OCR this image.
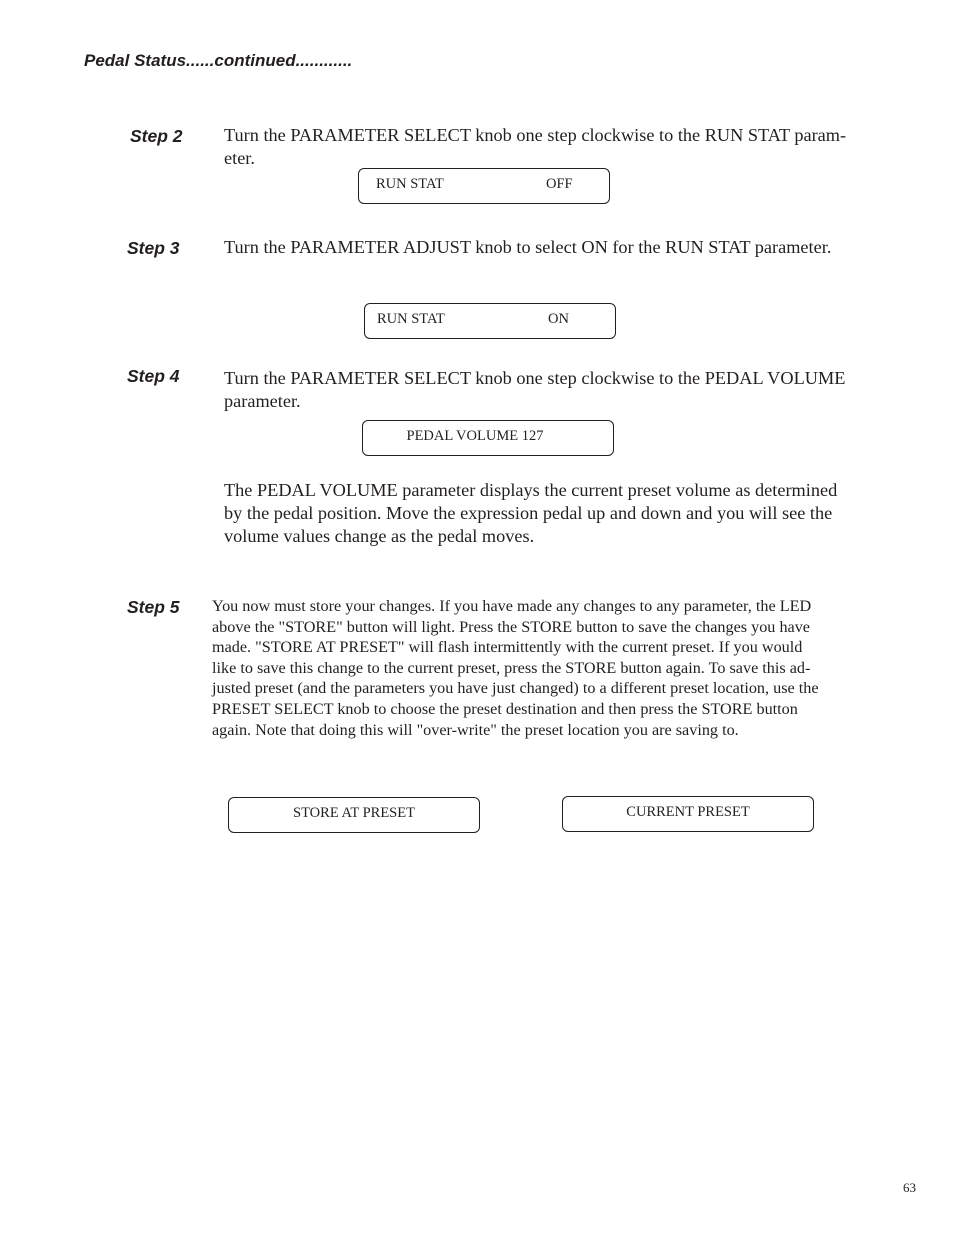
Pedal Status......continued............
Step 2 Turn the PARAMETER SELECT knob one step clockwise to the RUN STAT param-
eter.

RUN STAT	OFF
Step 3 Turn the PARAMETER ADJUST knob to select ON for the RUN STAT parameter.

RUN STAT	ON
Step 4 Turn the PARAMETER SELECT knob one step clockwise to the PEDAL VOLUME
parameter.

PEDAL VOLUME 127

The PEDAL VOLUME parameter displays the current preset volume as determined
by the pedal position. Move the expression pedal up and down and you will see the
volume values change as the pedal moves.

Step 5 You now must store your changes. If you have made any changes to any parameter, the LED
above the "STORE" button will light. Press the STORE button to save the changes you have
made. "STORE AT PRESET" will flash intermittently with the current preset. If you would
like to save this change to the current preset, press the STORE button again. To save this ad-
justed preset (and the parameters you have just changed) to a different preset location, use the
PRESET SELECT knob to choose the preset destination and then press the STORE button
again. Note that doing this will "over-write" the preset location you are saving to.

STORE AT PRESET	CURRENT PRESET
63
